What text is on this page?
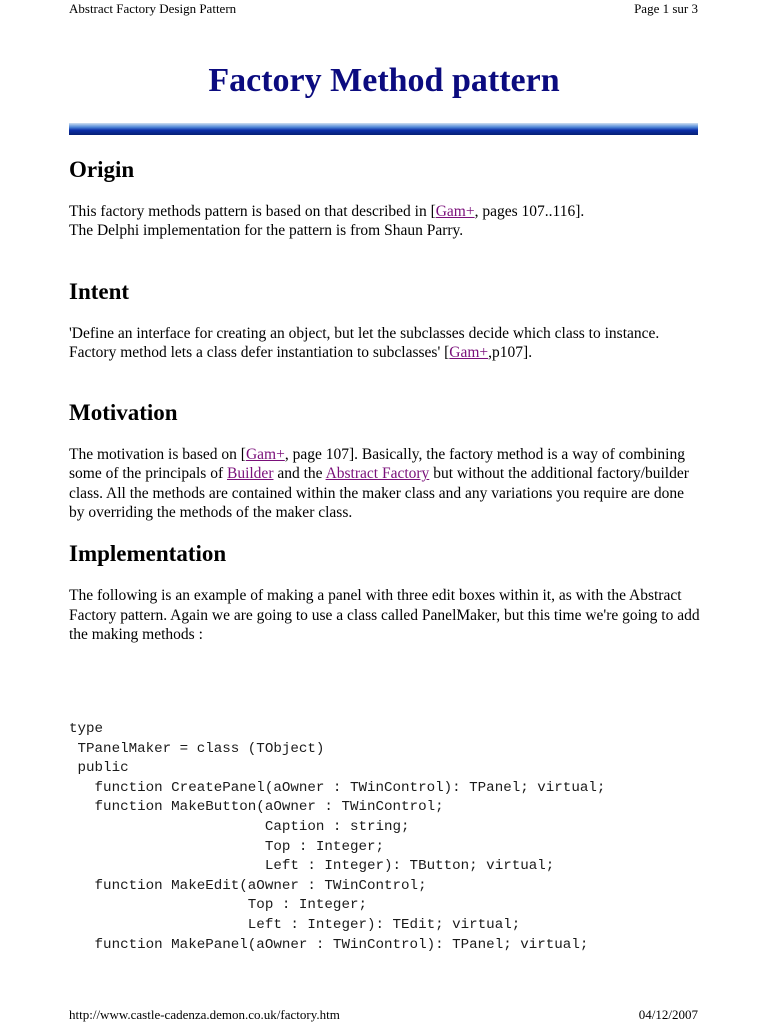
Abstract Factory Design Pattern	Page 1 sur 3
Factory Method pattern
Origin

This factory methods pattern is based on that described in [Gam+, pages 107..116].
The Delphi implementation for the pattern is from Shaun Parry.

Intent

'Define an interface for creating an object, but let the subclasses decide which class to instance. Factory method lets a class defer instantiation to subclasses' [Gam+,p107].

Motivation

The motivation is based on [Gam+, page 107]. Basically, the factory method is a way of combining some of the principals of Builder and the Abstract Factory but without the additional factory/builder class. All the methods are contained within the maker class and any variations you require are done by overriding the methods of the maker class.

Implementation

The following is an example of making a panel with three edit boxes within it, as with the Abstract Factory pattern. Again we are going to use a class called PanelMaker, but this time we're going to add the making methods :

type
TPanelMaker = class (TObject)
public
function CreatePanel(aOwner : TWinControl): TPanel; virtual;
function MakeButton(aOwner : TWinControl;
Caption : string;
Top : Integer;
Left : Integer): TButton; virtual;
function MakeEdit(aOwner : TWinControl;
Top : Integer;
Left : Integer): TEdit; virtual;
function MakePanel(aOwner : TWinControl): TPanel; virtual;
http://www.castle-cadenza.demon.co.uk/factory.htm	04/12/2007
